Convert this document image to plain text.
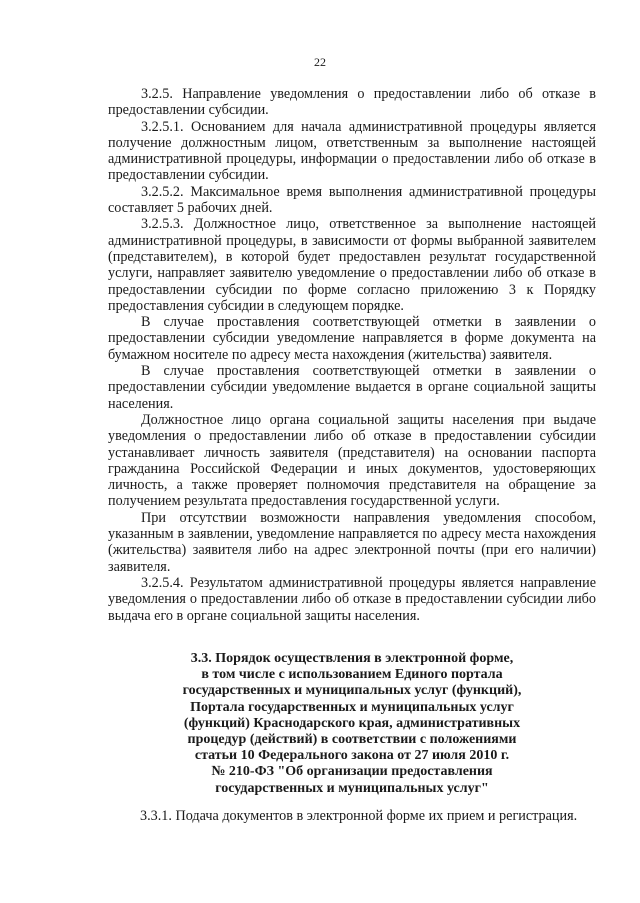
22

3.2.5. Направление уведомления о предоставлении либо об отказе в предоставлении субсидии.

3.2.5.1. Основанием для начала административной процедуры является получение должностным лицом, ответственным за выполнение настоящей административной процедуры, информации о предоставлении либо об отказе в предоставлении субсидии.

3.2.5.2. Максимальное время выполнения административной процедуры составляет 5 рабочих дней.

3.2.5.3. Должностное лицо, ответственное за выполнение настоящей административной процедуры, в зависимости от формы выбранной заявителем (представителем), в которой будет предоставлен результат государственной услуги, направляет заявителю уведомление о предоставлении либо об отказе в предоставлении субсидии по форме согласно приложению 3 к Порядку предоставления субсидии в следующем порядке.

В случае проставления соответствующей отметки в заявлении о предоставлении субсидии уведомление направляется в форме документа на бумажном носителе по адресу места нахождения (жительства) заявителя.

В случае проставления соответствующей отметки в заявлении о предоставлении субсидии уведомление выдается в органе социальной защиты населения.

Должностное лицо органа социальной защиты населения при выдаче уведомления о предоставлении либо об отказе в предоставлении субсидии устанавливает личность заявителя (представителя) на основании паспорта гражданина Российской Федерации и иных документов, удостоверяющих личность, а также проверяет полномочия представителя на обращение за получением результата предоставления государственной услуги.

При отсутствии возможности направления уведомления способом, указанным в заявлении, уведомление направляется по адресу места нахождения (жительства) заявителя либо на адрес электронной почты (при его наличии) заявителя.

3.2.5.4. Результатом административной процедуры является направление уведомления о предоставлении либо об отказе в предоставлении субсидии либо выдача его в органе социальной защиты населения.

3.3. Порядок осуществления в электронной форме,
в том числе с использованием Единого портала
государственных и муниципальных услуг (функций),
Портала государственных и муниципальных услуг
(функций) Краснодарского края, административных
процедур (действий) в соответствии с положениями
статьи 10 Федерального закона от 27 июля 2010 г.
№ 210-ФЗ "Об организации предоставления
государственных и муниципальных услуг"
3.3.1. Подача документов в электронной форме их прием и регистрация.
